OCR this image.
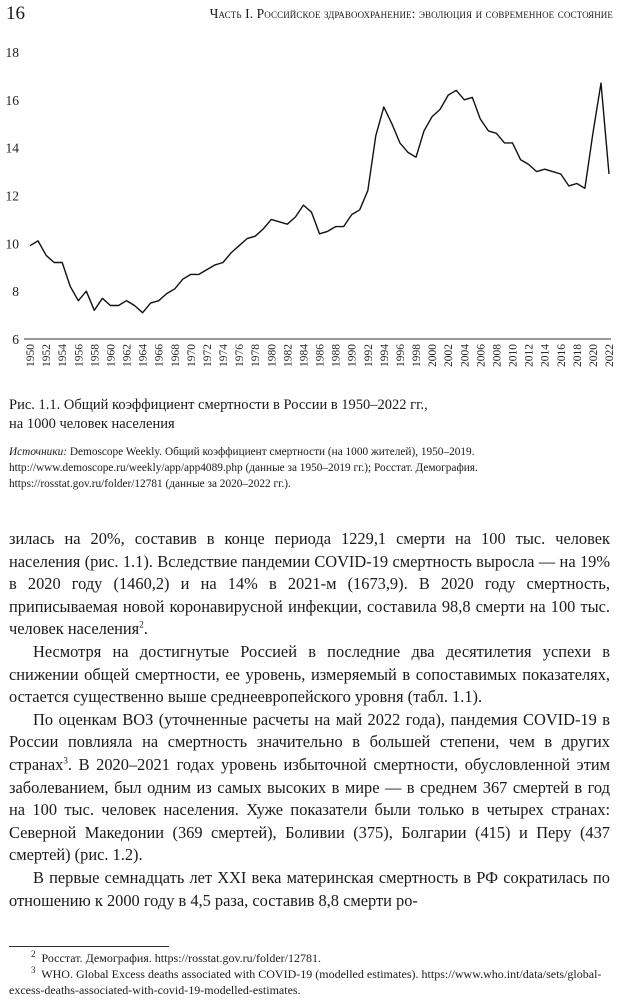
16	Часть I. Российское здравоохранение: эволюция и современное состояние
6
8
10
12
14
16
18
1950 1952 1954 1956 1958 1960 1962 1964 1966 1968 1970 1972 1974 1976 1978 1980 1982 1984 1986 1988 1990 1992 1994 1996 1998 2000 2002 2004 2006 2008 2010 2012 2014 2016 2018 2020 2022
Рис. 1.1. Общий коэффициент смертности в России в 1950–2022 гг.,
на 1000 человек населения
Источники: Demoscope Weekly. Общий коэффициент смертности (на 1000 жителей), 1950–2019. http://www.demoscope.ru/weekly/app/app4089.php (данные за 1950–2019 гг.); Росстат. Демография. https://rosstat.gov.ru/folder/12781 (данные за 2020–2022 гг.).

зилась на 20%, составив в конце периода 1229,1 смерти на 100 тыс. человек населения (рис. 1.1). Вследствие пандемии COVID-19 смертность выросла — на 19% в 2020 году (1460,2) и на 14% в 2021-м (1673,9). В 2020 году смертность, приписываемая новой коронавирусной инфекции, составила 98,8 смерти на 100 тыс. человек населения$^2$.

Несмотря на достигнутые Россией в последние два десятилетия успехи в снижении общей смертности, ее уровень, измеряемый в сопоставимых показателях, остается существенно выше среднеевропейского уровня (табл. 1.1).

По оценкам ВОЗ (уточненные расчеты на май 2022 года), пандемия COVID-19 в России повлияла на смертность значительно в большей степени, чем в других странах$^3$. В 2020–2021 годах уровень избыточной смертности, обусловленной этим заболеванием, был одним из самых высоких в мире — в среднем 367 смертей в год на 100 тыс. человек населения. Хуже показатели были только в четырех странах: Северной Македонии (369 смертей), Боливии (375), Болгарии (415) и Перу (437 смертей) (рис. 1.2).

В первые семнадцать лет XXI века материнская смертность в РФ сократилась по отношению к 2000 году в 4,5 раза, составив 8,8 смерти ро-

$^2$ Росстат. Демография. https://rosstat.gov.ru/folder/12781.
$^3$ WHO. Global Excess deaths associated with COVID-19 (modelled estimates). https://www.who.int/data/sets/global-excess-deaths-associated-with-covid-19-modelled-estimates.
